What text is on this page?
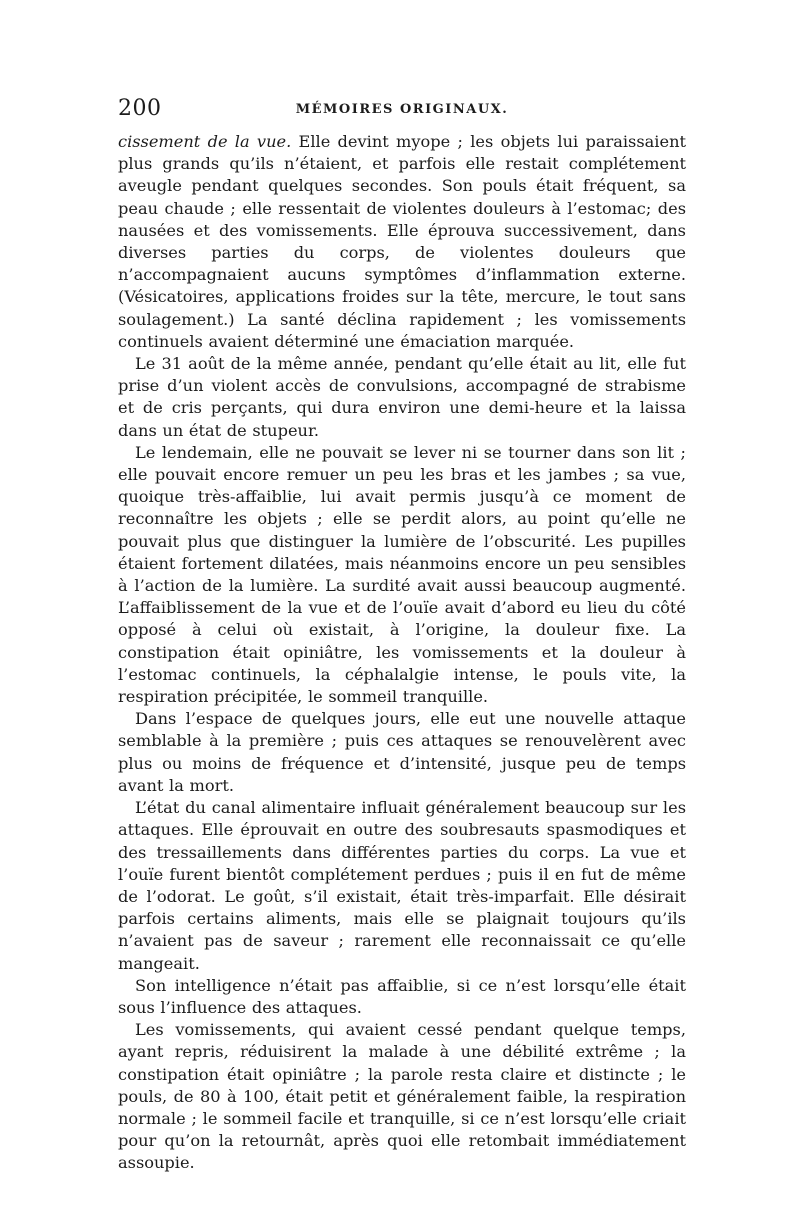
200	MÉMOIRES ORIGINAUX.

cissement de la vue. Elle devint myope ; les objets lui paraissaient plus grands qu’ils n’étaient, et parfois elle restait complétement aveugle pendant quelques secondes. Son pouls était fréquent, sa peau chaude ; elle ressentait de violentes douleurs à l’estomac; des nausées et des vomissements. Elle éprouva successivement, dans diverses parties du corps, de violentes douleurs que n’accompagnaient aucuns symptômes d’inflammation externe. (Vésicatoires, applications froides sur la tête, mercure, le tout sans soulagement.) La santé déclina rapidement ; les vomissements continuels avaient déterminé une émaciation marquée.

Le 31 août de la même année, pendant qu’elle était au lit, elle fut prise d’un violent accès de convulsions, accompagné de strabisme et de cris perçants, qui dura environ une demi-heure et la laissa dans un état de stupeur.

Le lendemain, elle ne pouvait se lever ni se tourner dans son lit ; elle pouvait encore remuer un peu les bras et les jambes ; sa vue, quoique très-affaiblie, lui avait permis jusqu’à ce moment de reconnaître les objets ; elle se perdit alors, au point qu’elle ne pouvait plus que distinguer la lumière de l’obscurité. Les pupilles étaient fortement dilatées, mais néanmoins encore un peu sensibles à l’action de la lumière. La surdité avait aussi beaucoup augmenté. L’affaiblissement de la vue et de l’ouïe avait d’abord eu lieu du côté opposé à celui où existait, à l’origine, la douleur fixe. La constipation était opiniâtre, les vomissements et la douleur à l’estomac continuels, la céphalalgie intense, le pouls vite, la respiration précipitée, le sommeil tranquille.

Dans l’espace de quelques jours, elle eut une nouvelle attaque semblable à la première ; puis ces attaques se renouvelèrent avec plus ou moins de fréquence et d’intensité, jusque peu de temps avant la mort.

L’état du canal alimentaire influait généralement beaucoup sur les attaques. Elle éprouvait en outre des soubresauts spasmodiques et des tressaillements dans différentes parties du corps. La vue et l’ouïe furent bientôt complétement perdues ; puis il en fut de même de l’odorat. Le goût, s’il existait, était très-imparfait. Elle désirait parfois certains aliments, mais elle se plaignait toujours qu’ils n’avaient pas de saveur ; rarement elle reconnaissait ce qu’elle mangeait.

Son intelligence n’était pas affaiblie, si ce n’est lorsqu’elle était sous l’influence des attaques.

Les vomissements, qui avaient cessé pendant quelque temps, ayant repris, réduisirent la malade à une débilité extrême ; la constipation était opiniâtre ; la parole resta claire et distincte ; le pouls, de 80 à 100, était petit et généralement faible, la respiration normale ; le sommeil facile et tranquille, si ce n’est lorsqu’elle criait pour qu’on la retournât, après quoi elle retombait immédiatement assoupie.
